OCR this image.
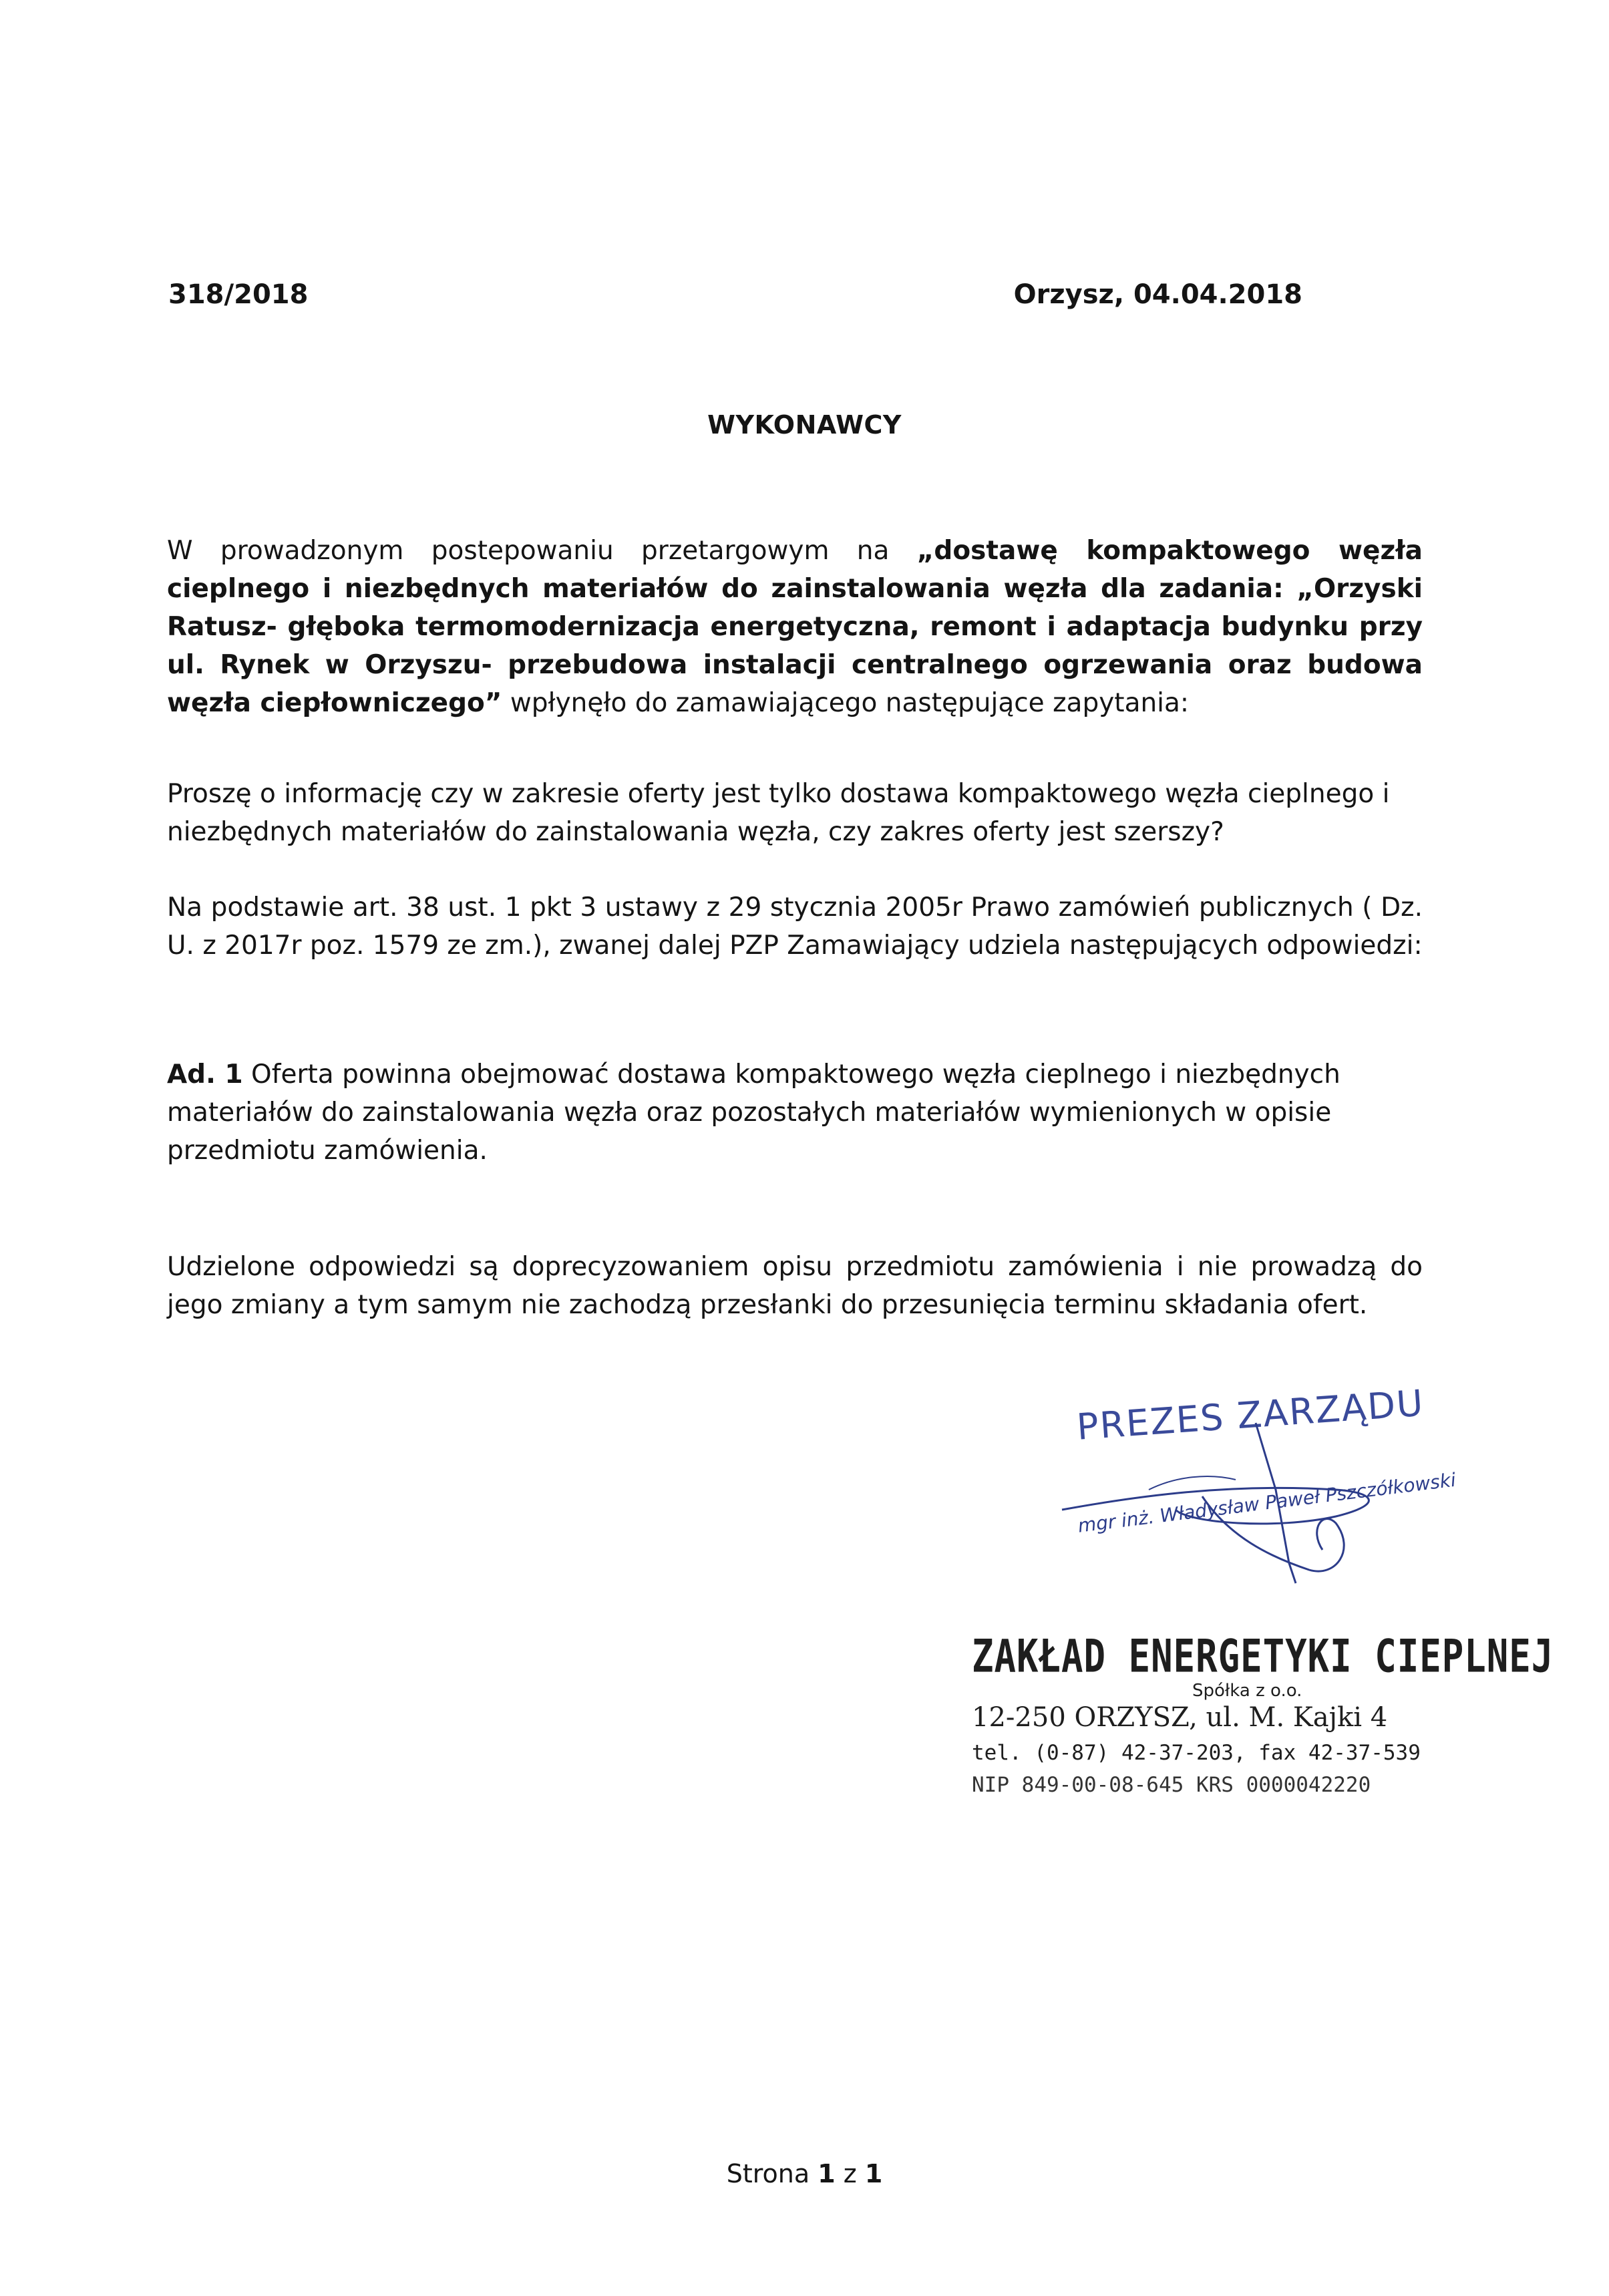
318/2018	Orzysz, 04.04.2018
WYKONAWCY

W prowadzonym postepowaniu przetargowym na „dostawę kompaktowego węzła cieplnego i niezbędnych materiałów do zainstalowania węzła dla zadania: „Orzyski Ratusz- głęboka termomodernizacja energetyczna, remont i adaptacja budynku przy ul. Rynek w Orzyszu- przebudowa instalacji centralnego ogrzewania oraz budowa węzła ciepłowniczego” wpłynęło do zamawiającego następujące zapytania:

Proszę o informację czy w zakresie oferty jest tylko dostawa kompaktowego węzła cieplnego i niezbędnych materiałów do zainstalowania węzła, czy zakres oferty jest szerszy?

Na podstawie art. 38 ust. 1 pkt 3 ustawy z 29 stycznia 2005r Prawo zamówień publicznych ( Dz. U. z 2017r poz. 1579 ze zm.), zwanej dalej PZP Zamawiający udziela następujących odpowiedzi:

Ad. 1 Oferta powinna obejmować dostawa kompaktowego węzła cieplnego i niezbędnych materiałów do zainstalowania węzła oraz pozostałych materiałów wymienionych w opisie przedmiotu zamówienia.

Udzielone odpowiedzi są doprecyzowaniem opisu przedmiotu zamówienia i nie prowadzą do jego zmiany a tym samym nie zachodzą przesłanki do przesunięcia terminu składania ofert.

PREZES ZARZĄDU
mgr inż. Władysław Paweł Pszczółkowski
ZAKŁAD ENERGETYKI CIEPLNEJ
Spółka z o.o.
12-250 ORZYSZ, ul. M. Kajki 4
tel. (0-87) 42-37-203, fax 42-37-539
NIP 849-00-08-645 KRS 0000042220
Strona 1 z 1
